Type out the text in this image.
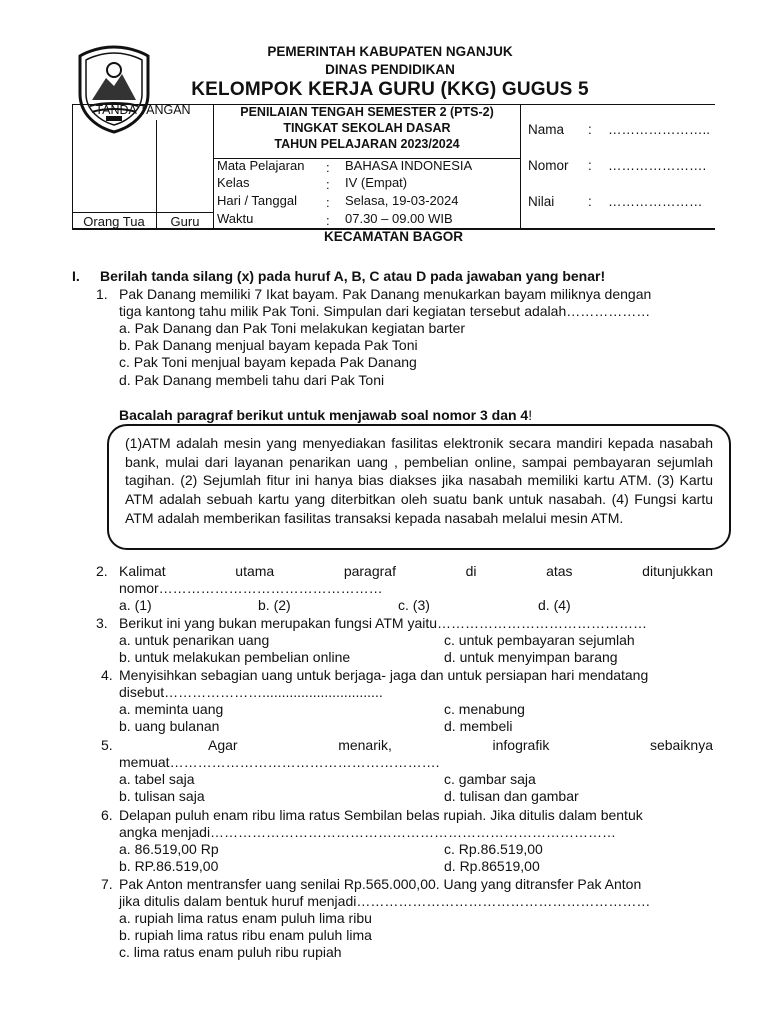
PEMERINTAH KABUPATEN NGANJUK
DINAS PENDIDIKAN
KELOMPOK KERJA GURU (KKG) GUGUS 5
TANDA TANGAN
Orang Tua	Guru
PENILAIAN TENGAH SEMESTER 2 (PTS-2)
TINGKAT SEKOLAH DASAR
TAHUN PELAJARAN 2023/2024
Mata Pelajaran : BAHASA INDONESIA
Kelas	: IV (Empat)
Hari / Tanggal : Selasa, 19-03-2024
Waktu	: 07.30 – 09.00 WIB
Nama : …………………..
Nomor : ………………….
Nilai : …………………
KECAMATAN BAGOR
I. Berilah tanda silang (x) pada huruf A, B, C atau D pada jawaban yang benar!
1. Pak Danang memiliki 7 Ikat bayam. Pak Danang menukarkan bayam miliknya dengan
tiga kantong tahu milik Pak Toni. Simpulan dari kegiatan tersebut adalah………………
a. Pak Danang dan Pak Toni melakukan kegiatan barter
b. Pak Danang menjual bayam kepada Pak Toni
c. Pak Toni menjual bayam kepada Pak Danang
d. Pak Danang membeli tahu dari Pak Toni
Bacalah paragraf berikut untuk menjawab soal nomor 3 dan 4!
(1)ATM adalah mesin yang menyediakan fasilitas elektronik secara mandiri kepada nasabah bank, mulai dari layanan penarikan uang , pembelian online, sampai pembayaran sejumlah tagihan. (2) Sejumlah fitur ini hanya bias diakses jika nasabah memiliki kartu ATM. (3) Kartu ATM adalah sebuah kartu yang diterbitkan oleh suatu bank untuk nasabah. (4) Fungsi kartu ATM adalah memberikan fasilitas transaksi kepada nasabah melalui mesin ATM.
2. Kalimat utama paragraf di atas ditunjukkan
nomor…………………………………………
a. (1)	b. (2)	c. (3)	d. (4)
3. Berikut ini yang bukan merupakan fungsi ATM yaitu………………………………………
a. untuk penarikan uang
b. untuk melakukan pembelian online
c. untuk pembayaran sejumlah
d. untuk menyimpan barang
4. Menyisihkan sebagian uang untuk berjaga- jaga dan untuk persiapan hari mendatang
disebut…………………...............................
a. meminta uang
b. uang bulanan
c. menabung
d. membeli
5.	Agar menarik, infografik sebaiknya
memuat………………………………………………….
a. tabel saja
b. tulisan saja
c. gambar saja
d. tulisan dan gambar
6. Delapan puluh enam ribu lima ratus Sembilan belas rupiah. Jika ditulis dalam bentuk
angka menjadi……………………………………………………………………………
a. 86.519,00 Rp
b. RP.86.519,00
c. Rp.86.519,00
d. Rp.86519,00
7. Pak Anton mentransfer uang senilai Rp.565.000,00. Uang yang ditransfer Pak Anton
jika ditulis dalam bentuk huruf menjadi………………………………………………………
a. rupiah lima ratus enam puluh lima ribu
b. rupiah lima ratus ribu enam puluh lima
c. lima ratus enam puluh ribu rupiah
